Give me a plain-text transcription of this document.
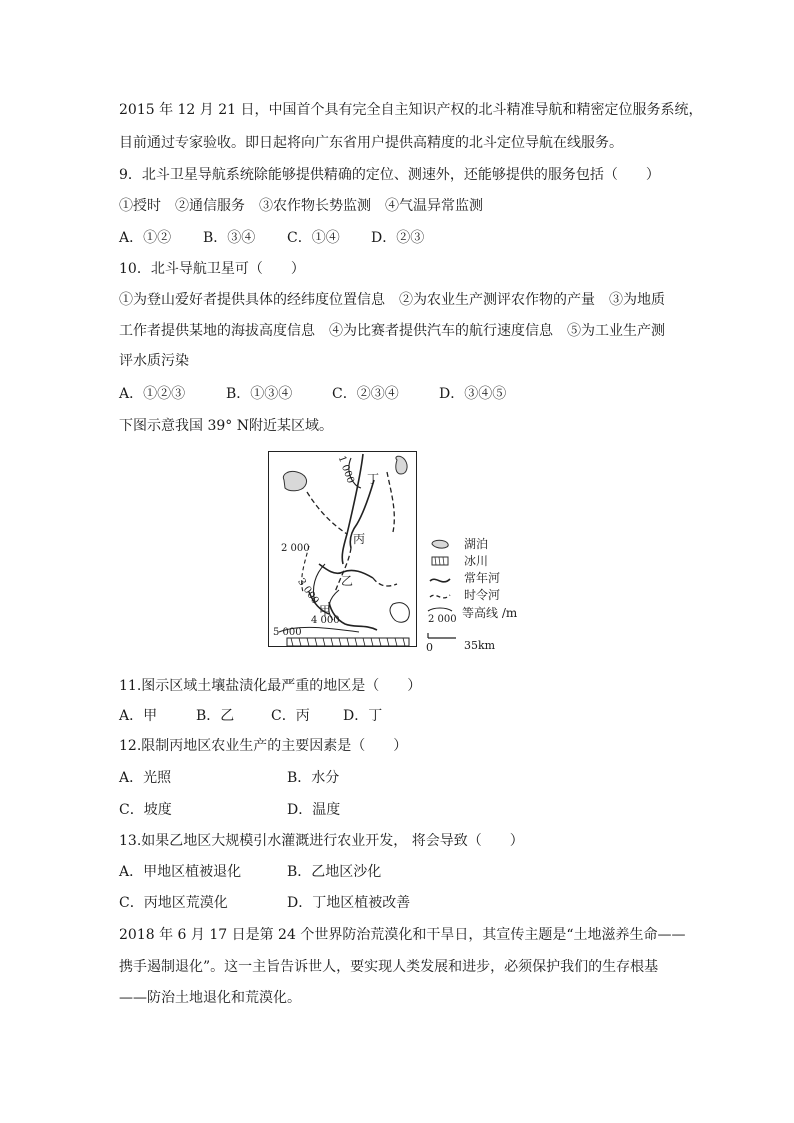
2015 年 12 月 21 日，中国首个具有完全自主知识产权的北斗精准导航和精密定位服务系统，
目前通过专家验收。即日起将向广东省用户提供高精度的北斗定位导航在线服务。
9．北斗卫星导航系统除能够提供精确的定位、测速外，还能够提供的服务包括（　　）
①授时　②通信服务　③农作物长势监测　④气温异常监测
A．①② B．③④ C．①④ D．②③
10．北斗导航卫星可（　　）
①为登山爱好者提供具体的经纬度位置信息　②为农业生产测评农作物的产量　③为地质
工作者提供某地的海拔高度信息　④为比赛者提供汽车的航行速度信息　⑤为工业生产测
评水质污染
A．①②③	B．①③④	C．②③④	D．③④⑤
下图示意我国 39° N附近某区域。
丁
丙
乙
甲
1 000
2 000
3 000
4 000
5 000
湖泊
冰川
常年河
时令河
2 000 等高线 /m
0	35km
11.图示区域土壤盐渍化最严重的地区是（　　）
A．甲	B．乙	C．丙 D．丁
12.限制丙地区农业生产的主要因素是（　　）
A．光照	B．水分
C．坡度	D．温度
13.如果乙地区大规模引水灌溉进行农业开发， 将会导致（　　）
A．甲地区植被退化	B．乙地区沙化
C．丙地区荒漠化	D．丁地区植被改善
2018 年 6 月 17 日是第 24 个世界防治荒漠化和干旱日，其宣传主题是“土地滋养生命——
携手遏制退化”。这一主旨告诉世人，要实现人类发展和进步，必须保护我们的生存根基
——防治土地退化和荒漠化。
